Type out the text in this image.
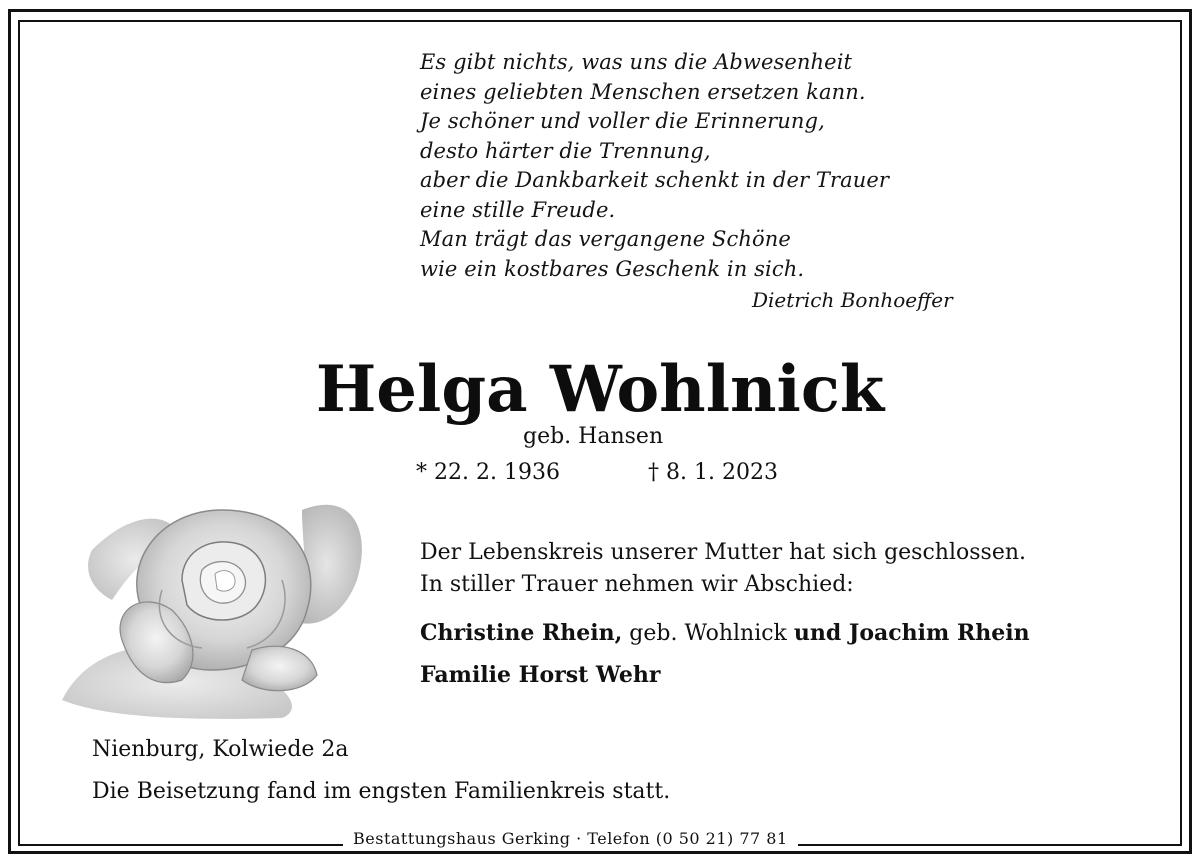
Es gibt nichts, was uns die Abwesenheit
eines geliebten Menschen ersetzen kann.
Je schöner und voller die Erinnerung,
desto härter die Trennung,
aber die Dankbarkeit schenkt in der Trauer
eine stille Freude.
Man trägt das vergangene Schöne
wie ein kostbares Geschenk in sich.
Dietrich Bonhoeffer
Helga Wohlnick
geb. Hansen
* 22. 2. 1936	† 8. 1. 2023
Der Lebenskreis unserer Mutter hat sich geschlossen.
In stiller Trauer nehmen wir Abschied:
Christine Rhein, geb. Wohlnick und Joachim Rhein
Familie Horst Wehr
Nienburg, Kolwiede 2a
Die Beisetzung fand im engsten Familienkreis statt.
Bestattungshaus Gerking · Telefon (0 50 21) 77 81
